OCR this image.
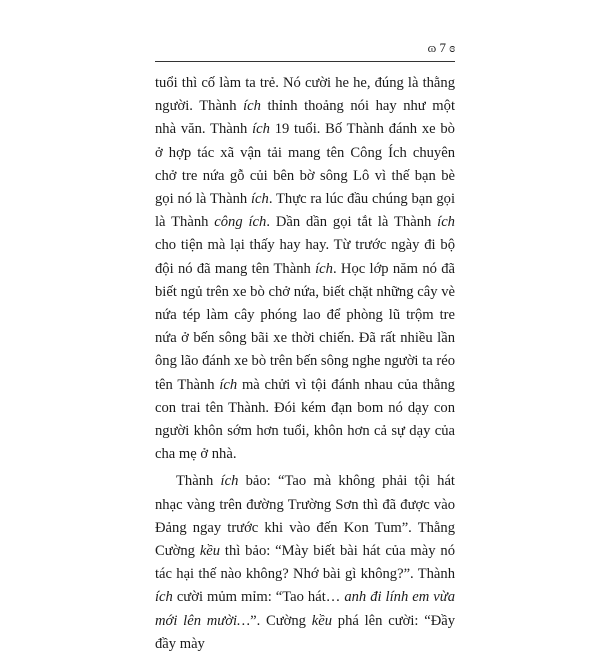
ɷ 7 ɞ

tuổi thì cố làm ta trẻ. Nó cười he he, đúng là thằng người. Thành ích thỉnh thoảng nói hay như một nhà văn. Thành ích 19 tuổi. Bố Thành đánh xe bò ở hợp tác xã vận tải mang tên Công Ích chuyên chở tre nứa gỗ củi bên bờ sông Lô vì thế bạn bè gọi nó là Thành ích. Thực ra lúc đầu chúng bạn gọi là Thành công ích. Dần dần gọi tắt là Thành ích cho tiện mà lại thấy hay hay. Từ trước ngày đi bộ đội nó đã mang tên Thành ích. Học lớp năm nó đã biết ngủ trên xe bò chở nứa, biết chặt những cây vè nứa tép làm cây phóng lao để phòng lũ trộm tre nứa ở bến sông bãi xe thời chiến. Đã rất nhiều lần ông lão đánh xe bò trên bến sông nghe người ta réo tên Thành ích mà chửi vì tội đánh nhau của thằng con trai tên Thành. Đói kém đạn bom nó dạy con người khôn sớm hơn tuổi, khôn hơn cả sự dạy của cha mẹ ở nhà.

Thành ích bảo: “Tao mà không phải tội hát nhạc vàng trên đường Trường Sơn thì đã được vào Đảng ngay trước khi vào đến Kon Tum”. Thằng Cường kều thì bảo: “Mày biết bài hát của mày nó tác hại thế nào không? Nhớ bài gì không?”. Thành ích cười mủm mỉm: “Tao hát… anh đi lính em vừa mới lên mười…”. Cường kều phá lên cười: “Đầy đầy mày
